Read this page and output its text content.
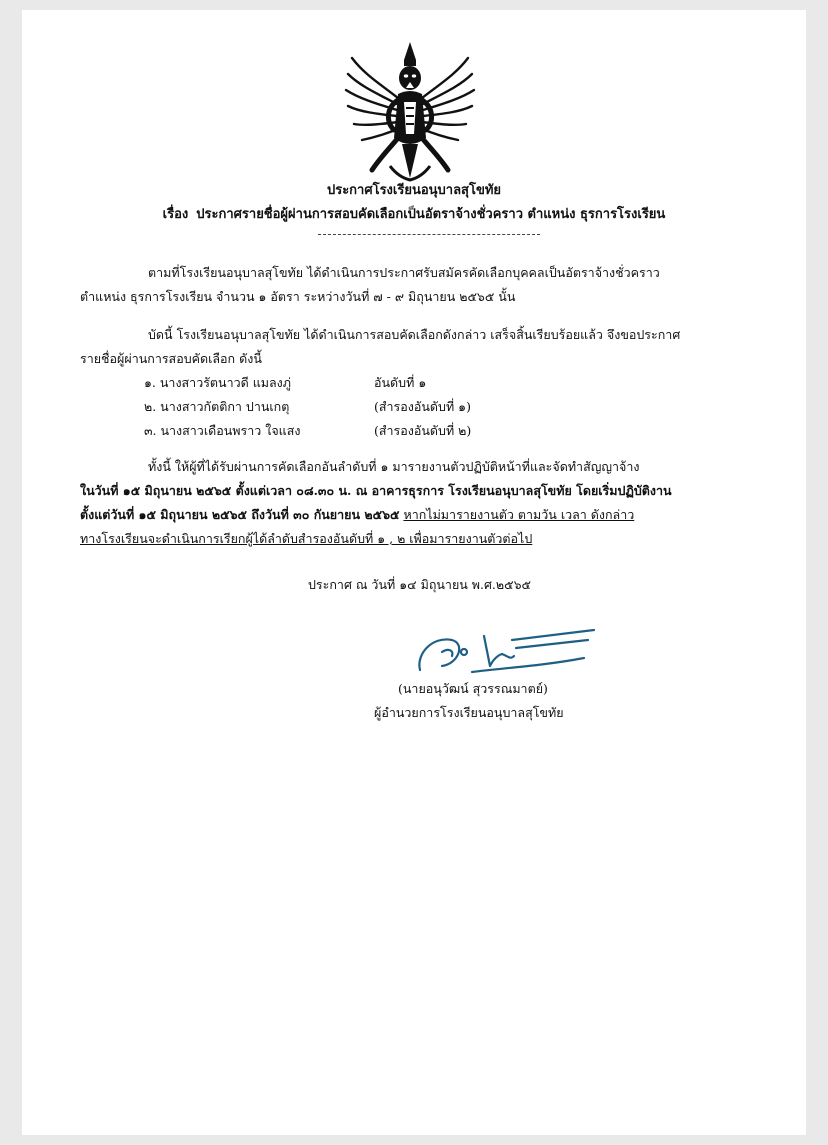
ประกาศโรงเรียนอนุบาลสุโขทัย
เรื่อง ประกาศรายชื่อผู้ผ่านการสอบคัดเลือกเป็นอัตราจ้างชั่วคราว ตำแหน่ง ธุรการโรงเรียน
ตามที่โรงเรียนอนุบาลสุโขทัย ได้ดำเนินการประกาศรับสมัครคัดเลือกบุคคลเป็นอัตราจ้างชั่วคราว
ตำแหน่ง ธุรการโรงเรียน จำนวน ๑ อัตรา ระหว่างวันที่ ๗ - ๙ มิถุนายน ๒๕๖๕ นั้น
บัดนี้ โรงเรียนอนุบาลสุโขทัย ได้ดำเนินการสอบคัดเลือกดังกล่าว เสร็จสิ้นเรียบร้อยแล้ว จึงขอประกาศ
รายชื่อผู้ผ่านการสอบคัดเลือก ดังนี้
๑. นางสาวรัตนาวดี แมลงภู่	อันดับที่ ๑
๒. นางสาวกัตติกา ปานเกตุ	(สำรองอันดับที่ ๑)
๓. นางสาวเดือนพราว ใจแสง	(สำรองอันดับที่ ๒)
ทั้งนี้ ให้ผู้ที่ได้รับผ่านการคัดเลือกอันลำดับที่ ๑ มารายงานตัวปฏิบัติหน้าที่และจัดทำสัญญาจ้าง
ในวันที่ ๑๕ มิถุนายน ๒๕๖๕ ตั้งแต่เวลา ๐๘.๓๐ น. ณ อาคารธุรการ โรงเรียนอนุบาลสุโขทัย โดยเริ่มปฏิบัติงาน
ตั้งแต่วันที่ ๑๕ มิถุนายน ๒๕๖๕ ถึงวันที่ ๓๐ กันยายน ๒๕๖๕ หากไม่มารายงานตัว ตามวัน เวลา ดังกล่าว
ทางโรงเรียนจะดำเนินการเรียกผู้ได้ลำดับสำรองอันดับที่ ๑ , ๒ เพื่อมารายงานตัวต่อไป
ประกาศ ณ วันที่ ๑๔ มิถุนายน พ.ศ.๒๕๖๕
(นายอนุวัฒน์ สุวรรณมาตย์)
ผู้อำนวยการโรงเรียนอนุบาลสุโขทัย
